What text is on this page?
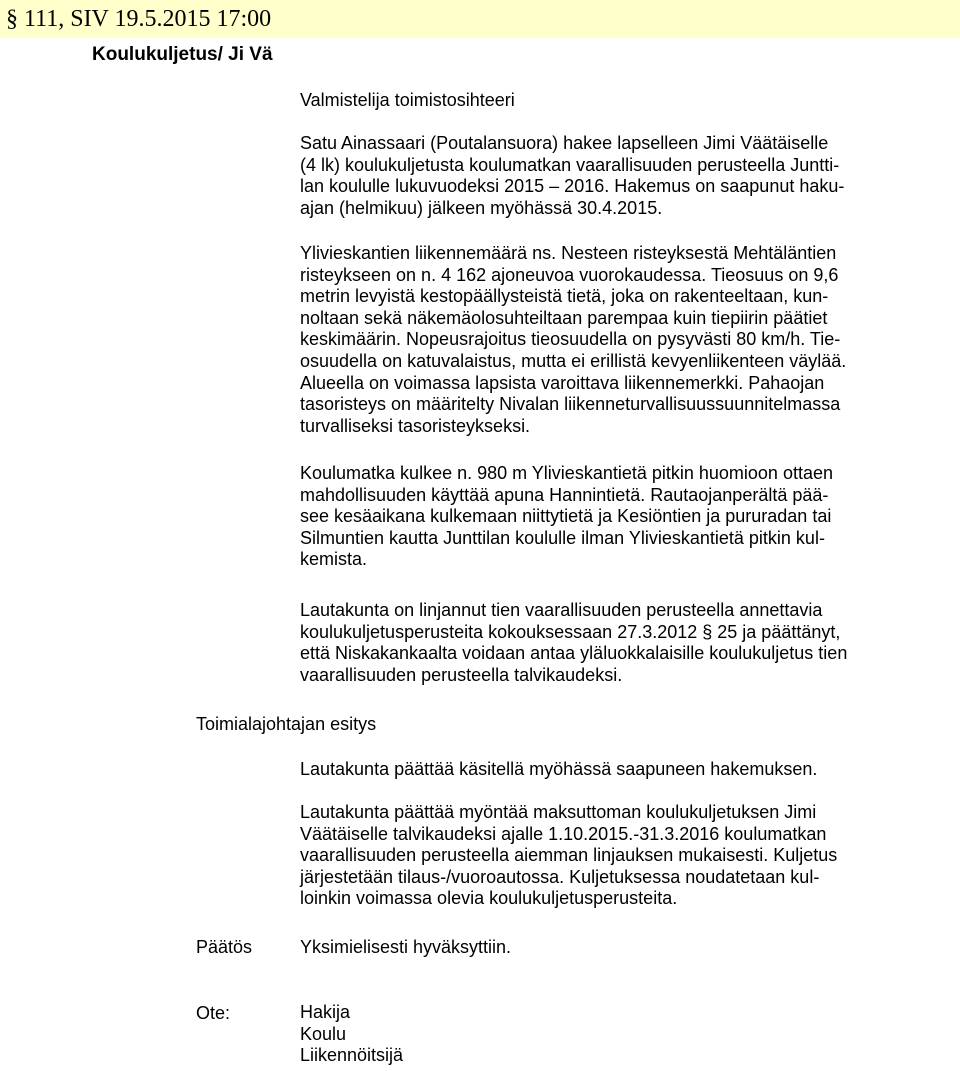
§ 111, SIV 19.5.2015 17:00
Koulukuljetus/ Ji Vä
Valmistelija toimistosihteeri
Satu Ainassaari (Poutalansuora) hakee lapselleen Jimi Väätäiselle
(4 lk) koulukuljetusta koulumatkan vaarallisuuden perusteella Juntti-
lan koululle lukuvuodeksi 2015 – 2016. Hakemus on saapunut haku-
ajan (helmikuu) jälkeen myöhässä 30.4.2015.
Ylivieskantien liikennemäärä ns. Nesteen risteyksestä Mehtäläntien
risteykseen on n. 4 162 ajoneuvoa vuorokaudessa. Tieosuus on 9,6
metrin levyistä kestopäällysteistä tietä, joka on rakenteeltaan, kun-
noltaan sekä näkemäolosuhteiltaan parempaa kuin tiepiirin päätiet
keskimäärin. Nopeusrajoitus tieosuudella on pysyvästi 80 km/h. Tie-
osuudella on katuvalaistus, mutta ei erillistä kevyenliikenteen väylää.
Alueella on voimassa lapsista varoittava liikennemerkki. Pahaojan
tasoristeys on määritelty Nivalan liikenneturvallisuussuunnitelmassa
turvalliseksi tasoristeykseksi.
Koulumatka kulkee n. 980 m Ylivieskantietä pitkin huomioon ottaen
mahdollisuuden käyttää apuna Hannintietä. Rautaojanperältä pää-
see kesäaikana kulkemaan niittytietä ja Kesiöntien ja pururadan tai
Silmuntien kautta Junttilan koululle ilman Ylivieskantietä pitkin kul-
kemista.
Lautakunta on linjannut tien vaarallisuuden perusteella annettavia
koulukuljetusperusteita kokouksessaan 27.3.2012 § 25 ja päättänyt,
että Niskakankaalta voidaan antaa yläluokkalaisille koulukuljetus tien
vaarallisuuden perusteella talvikaudeksi.
Toimialajohtajan esitys
Lautakunta päättää käsitellä myöhässä saapuneen hakemuksen.
Lautakunta päättää myöntää maksuttoman koulukuljetuksen Jimi
Väätäiselle talvikaudeksi ajalle 1.10.2015.-31.3.2016 koulumatkan
vaarallisuuden perusteella aiemman linjauksen mukaisesti. Kuljetus
järjestetään tilaus-/vuoroautossa. Kuljetuksessa noudatetaan kul-
loinkin voimassa olevia koulukuljetusperusteita.
Päätös	Yksimielisesti hyväksyttiin.
Ote:	Hakija
Koulu
Liikennöitsijä
